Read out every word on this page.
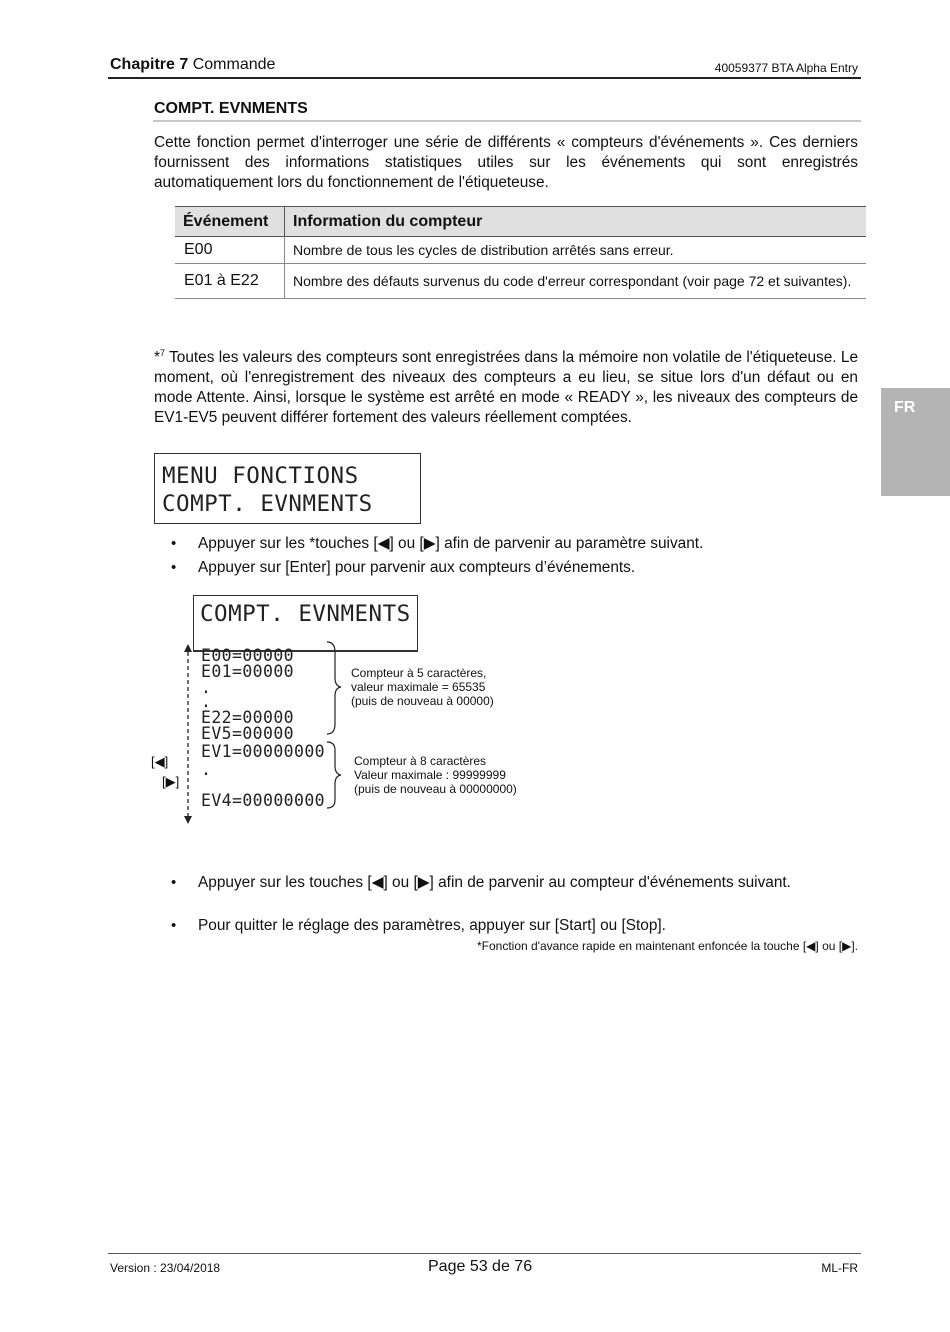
Chapitre 7 Commande	40059377 BTA Alpha Entry
COMPT. EVNMENTS
Cette fonction permet d'interroger une série de différents « compteurs d'événements ». Ces derniers fournissent des informations statistiques utiles sur les événements qui sont enregistrés automatiquement lors du fonctionnement de l'étiqueteuse.
Événement	Information du compteur
E00	Nombre de tous les cycles de distribution arrêtés sans erreur.
E01 à E22	Nombre des défauts survenus du code d'erreur correspondant (voir page 72 et suivantes).
*$^7$ Toutes les valeurs des compteurs sont enregistrées dans la mémoire non volatile de l'étiqueteuse. Le moment, où l'enregistrement des niveaux des compteurs a eu lieu, se situe lors d'un défaut ou en mode Attente. Ainsi, lorsque le système est arrêté en mode « READY », les niveaux des compteurs de EV1-EV5 peuvent différer fortement des valeurs réellement comptées.
FR
MENU FONCTIONS
COMPT. EVNMENTS
• Appuyer sur les *touches [◀] ou [▶] afin de parvenir au paramètre suivant.
• Appuyer sur [Enter] pour parvenir aux compteurs d’événements.
COMPT. EVNMENTS
E00=00000
E01=00000
.
.
E22=00000
EV5=00000
EV1=00000000
.
EV4=00000000
Compteur à 5 caractères,
valeur maximale = 65535
(puis de nouveau à 00000)
Compteur à 8 caractères
Valeur maximale : 99999999
(puis de nouveau à 00000000)
[◀]
[▶]
• Appuyer sur les touches [◀] ou [▶] afin de parvenir au compteur d'événements suivant.
• Pour quitter le réglage des paramètres, appuyer sur [Start] ou [Stop].
*Fonction d'avance rapide en maintenant enfoncée la touche [◀] ou [▶].
Version : 23/04/2018	Page 53 de 76	ML-FR
